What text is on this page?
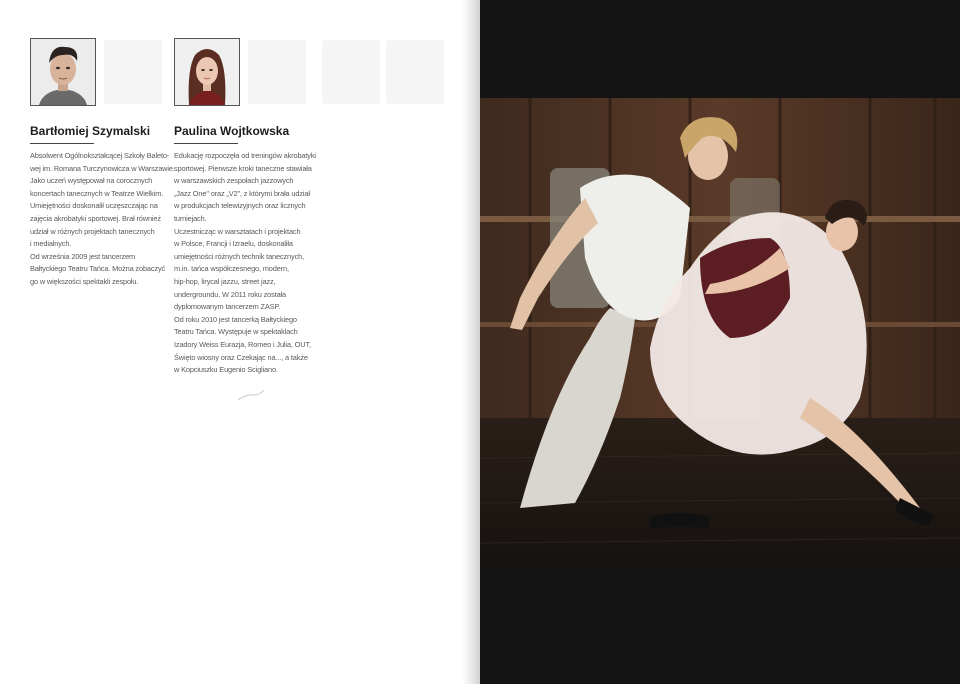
Bartłomiej Szymalski
Absolwent Ogólnokształcącej Szkoły Baleto-
wej im. Romana Turczynowicza w Warszawie.
Jako uczeń występował na corocznych
koncertach tanecznych w Teatrze Wielkim.
Umiejętności doskonalił uczęszczając na
zajęcia akrobatyki sportowej. Brał również
udział w różnych projektach tanecznych
i medialnych.
Od września 2009 jest tancerzem
Bałtyckiego Teatru Tańca. Można zobaczyć
go w większości spektakli zespołu.
Paulina Wojtkowska
Edukację rozpoczęła od treningów akrobatyki
sportowej. Pierwsze kroki taneczne stawiała
w warszawskich zespołach jazzowych
„Jazz One" oraz „V2", z którymi brała udział
w produkcjach telewizyjnych oraz licznych
turniejach.
Uczestnicząc w warsztatach i projektach
w Polsce, Francji i Izraelu, doskonaliła
umiejętności różnych technik tanecznych,
m.in. tańca współczesnego, modern,
hip-hop, lirycal jazzu, street jazz,
undergroundu. W 2011 roku została
dyplomowanym tancerzem ZASP.
Od roku 2010 jest tancerką Bałtyckiego
Teatru Tańca. Występuje w spektaklach
Izadory Weiss Eurazja, Romeo i Julia, OUT,
Święto wiosny oraz Czekając na..., a także
w Kopciuszku Eugenio Scigliano.
